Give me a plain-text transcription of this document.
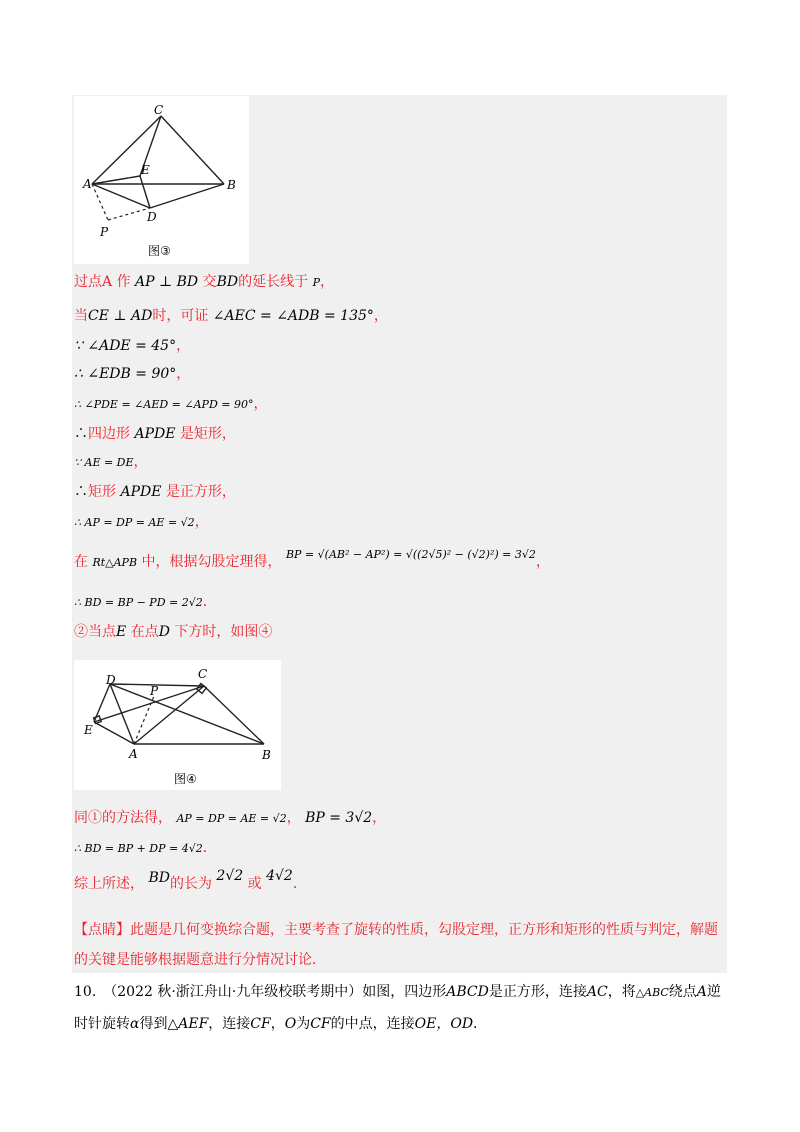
C
A
E
B
D
P
图③
过点A 作 AP ⊥ BD 交BD的延长线于 P，
当CE ⊥ AD时，可证 ∠AEC = ∠ADB = 135°，
∵ ∠ADE = 45°，
∴ ∠EDB = 90°，
∴ ∠PDE = ∠AED = ∠APD = 90°，
∴四边形 APDE 是矩形，
∵ AE = DE，
∴矩形 APDE 是正方形，
∴ AP = DP = AE = √2，
在 Rt△APB 中，根据勾股定理得， $^{BP = √(AB^2 - AP^2) = √((2√5)^2 - (√2)^2) = 3√2}$，
∴ BD = BP − PD = 2√2．
②当点E 在点D 下方时，如图④
D	C
P
E
A	B
图④
同①的方法得， AP = DP = AE = √2， BP = 3√2，
∴ BD = BP + DP = 4√2．
综上所述， BD的长为 2√2 或 4√2．
【点睛】此题是几何变换综合题，主要考查了旋转的性质，勾股定理，正方形和矩形的性质与判定，解题
的关键是能够根据题意进行分情况讨论．
10.　（2022 秋·浙江舟山·九年级校联考期中）如图，四边形ABCD是正方形，连接AC，将△ABC绕点A逆
时针旋转α得到△AEF，连接CF，O为CF的中点，连接OE，OD．
